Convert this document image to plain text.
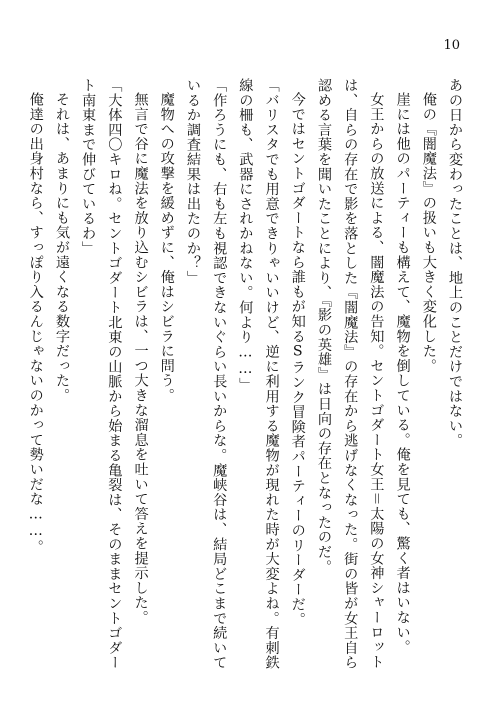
10
あの日から変わったことは、地上のことだけではない。
俺の『闇魔法』の扱いも大きく変化した。
崖には他のパーティーも構えて、魔物を倒している。俺を見ても、驚く者はいない。
女王からの放送による、闇魔法の告知。セントゴダート女王＝太陽の女神シャーロット
は、自らの存在で影を落とした『闇魔法』の存在から逃げなくなった。街の皆が女王自ら
認める言葉を聞いたことにより、『影の英雄』は日向の存在となったのだ。
今ではセントゴダートなら誰もが知るSランク冒険者パーティーのリーダーだ。
「バリスタでも用意できりゃいいけど、逆に利用する魔物が現れた時が大変よね。有刺鉄
線の柵も、武器にされかねない。何より……」
「作ろうにも、右も左も視認できないぐらい長いからな。魔峡谷は、結局どこまで続いて
いるか調査結果は出たのか？」
魔物への攻撃を緩めずに、俺はシビラに問う。
無言で谷に魔法を放り込むシビラは、一つ大きな溜息を吐いて答えを提示した。
「大体四〇キロね。セントゴダート北東の山脈から始まる亀裂は、そのままセントゴダー
ト南東まで伸びているわ」
それは、あまりにも気が遠くなる数字だった。
俺達の出身村なら、すっぽり入るんじゃないのかって勢いだな……。
